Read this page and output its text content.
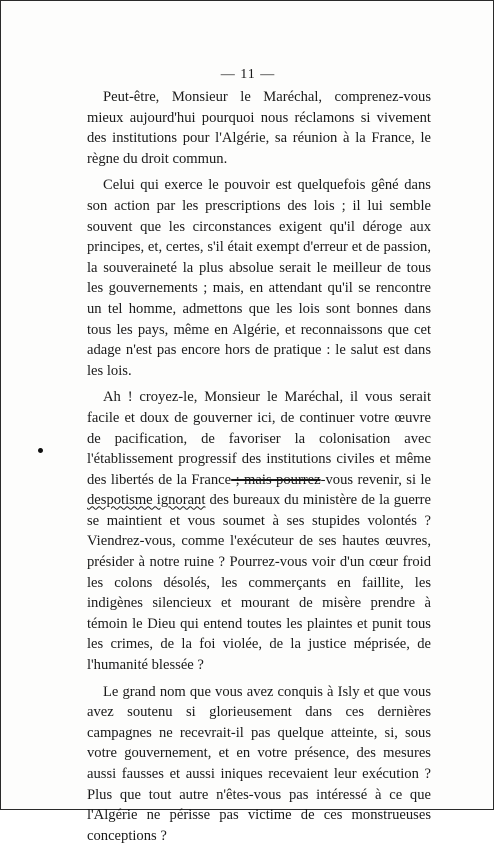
— 11 —

Peut-être, Monsieur le Maréchal, comprenez-vous mieux aujourd'hui pourquoi nous réclamons si vivement des institutions pour l'Algérie, sa réunion à la France, le règne du droit commun.

Celui qui exerce le pouvoir est quelquefois gêné dans son action par les prescriptions des lois ; il lui semble souvent que les circonstances exigent qu'il déroge aux principes, et, certes, s'il était exempt d'erreur et de passion, la souveraineté la plus absolue serait le meilleur de tous les gouvernements ; mais, en attendant qu'il se rencontre un tel homme, admettons que les lois sont bonnes dans tous les pays, même en Algérie, et reconnaissons que cet adage n'est pas encore hors de pratique : le salut est dans les lois.

Ah ! croyez-le, Monsieur le Maréchal, il vous serait facile et doux de gouverner ici, de continuer votre œuvre de pacification, de favoriser la colonisation avec l'établissement progressif des institutions civiles et même des libertés de la France ; mais pourrez-vous revenir, si le despotisme ignorant des bureaux du ministère de la guerre se maintient et vous soumet à ses stupides volontés ? Viendrez-vous, comme l'exécuteur de ses hautes œuvres, présider à notre ruine ? Pourrez-vous voir d'un cœur froid les colons désolés, les commerçants en faillite, les indigènes silencieux et mourant de misère prendre à témoin le Dieu qui entend toutes les plaintes et punit tous les crimes, de la foi violée, de la justice méprisée, de l'humanité blessée ?

Le grand nom que vous avez conquis à Isly et que vous avez soutenu si glorieusement dans ces dernières campagnes ne recevrait-il pas quelque atteinte, si, sous votre gouvernement, et en votre présence, des mesures aussi fausses et aussi iniques recevaient leur exécution ? Plus que tout autre n'êtes-vous pas intéressé à ce que l'Algérie ne périsse pas victime de ces monstrueuses conceptions ?
